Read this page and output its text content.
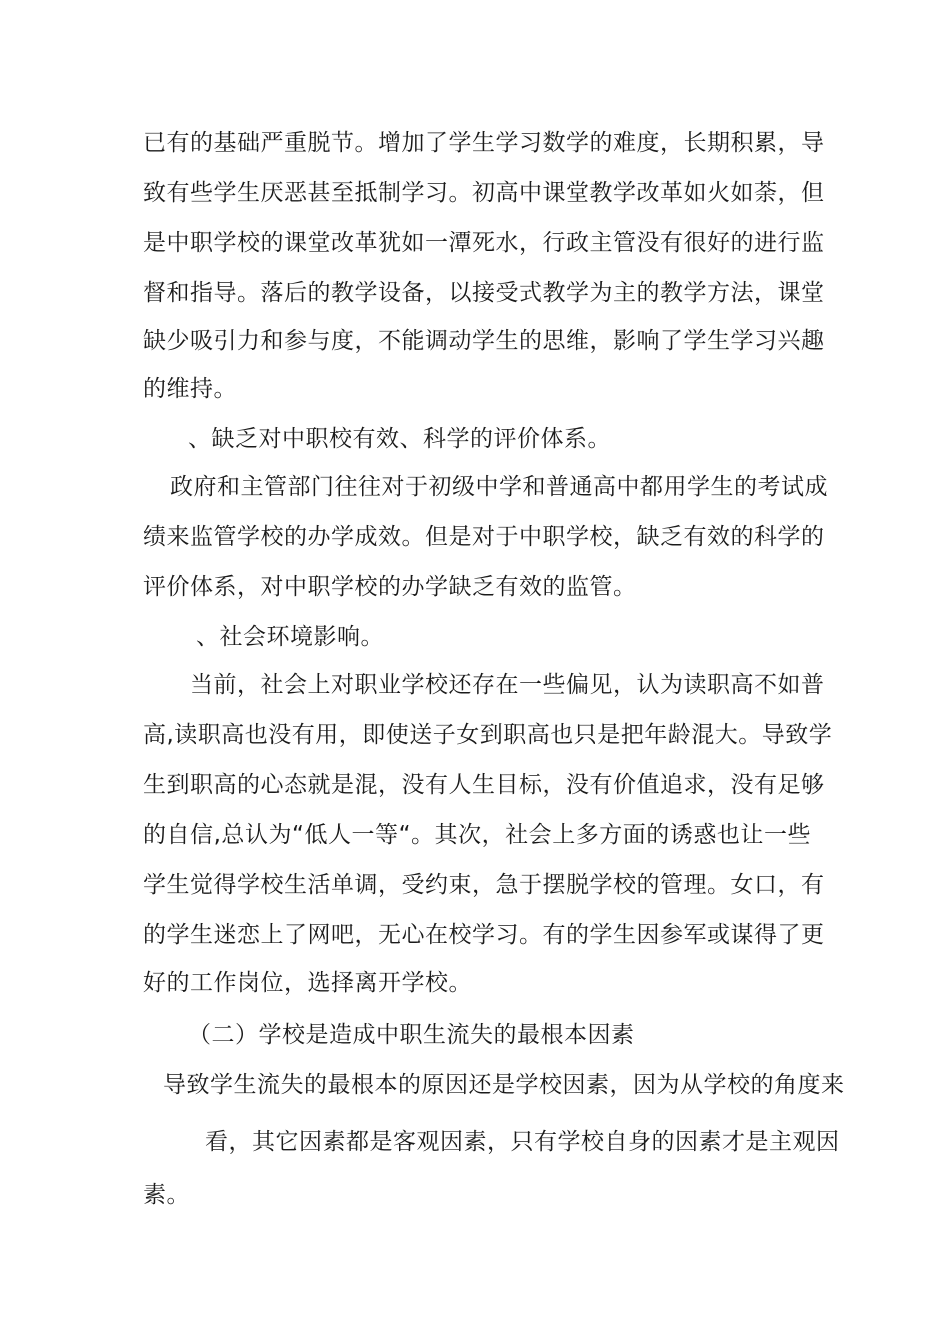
已有的基础严重脱节。增加了学生学习数学的难度，长期积累，导
致有些学生厌恶甚至抵制学习。初高中课堂教学改革如火如荼，但
是中职学校的课堂改革犹如一潭死水，行政主管没有很好的进行监
督和指导。落后的教学设备，以接受式教学为主的教学方法，课堂
缺少吸引力和参与度，不能调动学生的思维，影响了学生学习兴趣
的维持。
、缺乏对中职校有效、科学的评价体系。
政府和主管部门往往对于初级中学和普通高中都用学生的考试成
绩来监管学校的办学成效。但是对于中职学校，缺乏有效的科学的
评价体系，对中职学校的办学缺乏有效的监管。
、社会环境影响。
当前，社会上对职业学校还存在一些偏见，认为读职高不如普
高,读职高也没有用，即使送子女到职高也只是把年龄混大。导致学
生到职高的心态就是混，没有人生目标，没有价值追求，没有足够
的自信,总认为“低人一等“。其次，社会上多方面的诱惑也让一些
学生觉得学校生活单调，受约束，急于摆脱学校的管理。女口，有
的学生迷恋上了网吧，无心在校学习。有的学生因参军或谋得了更
好的工作岗位，选择离开学校。
（二）学校是造成中职生流失的最根本因素
导致学生流失的最根本的原因还是学校因素，因为从学校的角度来
看，其它因素都是客观因素，只有学校自身的因素才是主观因
素。
